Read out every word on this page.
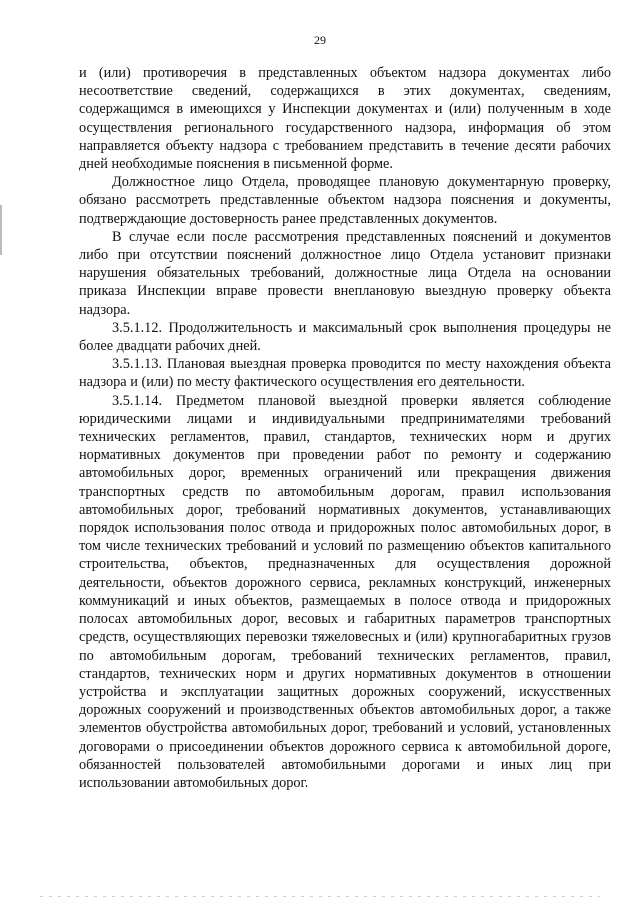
29

и (или) противоречия в представленных объектом надзора документах либо несоответствие сведений, содержащихся в этих документах, сведениям, содержащимся в имеющихся у Инспекции документах и (или) полученным в ходе осуществления регионального государственного надзора, информация об этом направляется объекту надзора с требованием представить в течение десяти рабочих дней необходимые пояснения в письменной форме.

Должностное лицо Отдела, проводящее плановую документарную проверку, обязано рассмотреть представленные объектом надзора пояснения и документы, подтверждающие достоверность ранее представленных документов.

В случае если после рассмотрения представленных пояснений и документов либо при отсутствии пояснений должностное лицо Отдела установит признаки нарушения обязательных требований, должностные лица Отдела на основании приказа Инспекции вправе провести внеплановую выездную проверку объекта надзора.

3.5.1.12. Продолжительность и максимальный срок выполнения процедуры не более двадцати рабочих дней.

3.5.1.13. Плановая выездная проверка проводится по месту нахождения объекта надзора и (или) по месту фактического осуществления его деятельности.

3.5.1.14. Предметом плановой выездной проверки является соблюдение юридическими лицами и индивидуальными предпринимателями требований технических регламентов, правил, стандартов, технических норм и других нормативных документов при проведении работ по ремонту и содержанию автомобильных дорог, временных ограничений или прекращения движения транспортных средств по автомобильным дорогам, правил использования автомобильных дорог, требований нормативных документов, устанавливающих порядок использования полос отвода и придорожных полос автомобильных дорог, в том числе технических требований и условий по размещению объектов капитального строительства, объектов, предназначенных для осуществления дорожной деятельности, объектов дорожного сервиса, рекламных конструкций, инженерных коммуникаций и иных объектов, размещаемых в полосе отвода и придорожных полосах автомобильных дорог, весовых и габаритных параметров транспортных средств, осуществляющих перевозки тяжеловесных и (или) крупногабаритных грузов по автомобильным дорогам, требований технических регламентов, правил, стандартов, технических норм и других нормативных документов в отношении устройства и эксплуатации защитных дорожных сооружений, искусственных дорожных сооружений и производственных объектов автомобильных дорог, а также элементов обустройства автомобильных дорог, требований и условий, установленных договорами о присоединении объектов дорожного сервиса к автомобильной дороге, обязанностей пользователей автомобильными дорогами и иных лиц при использовании автомобильных дорог.
